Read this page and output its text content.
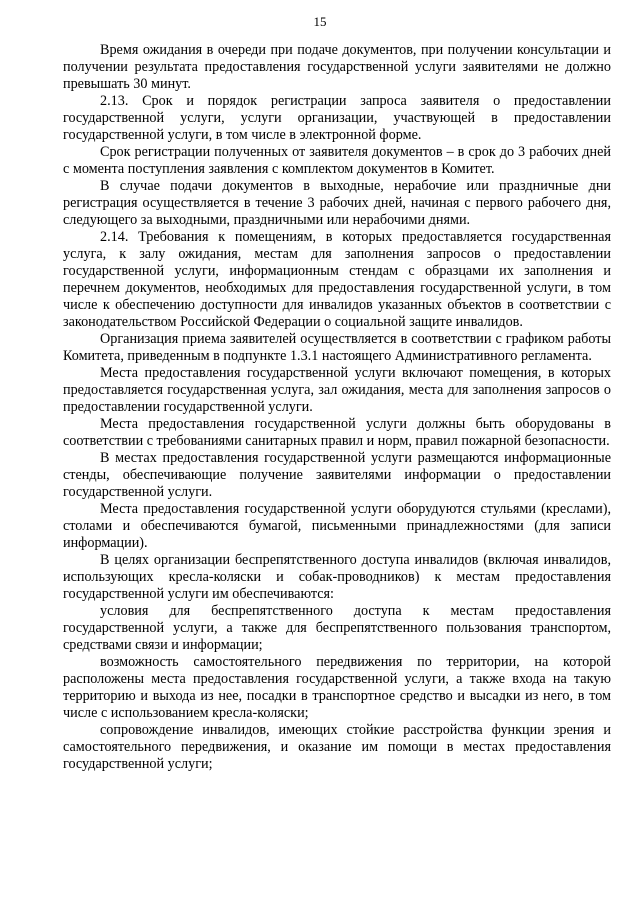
15

Время ожидания в очереди при подаче документов, при получении консультации и получении результата предоставления государственной услуги заявителями не должно превышать 30 минут.

2.13. Срок и порядок регистрации запроса заявителя о предоставлении государственной услуги, услуги организации, участвующей в предоставлении государственной услуги, в том числе в электронной форме.

Срок регистрации полученных от заявителя документов – в срок до 3 рабочих дней с момента поступления заявления с комплектом документов в Комитет.

В случае подачи документов в выходные, нерабочие или праздничные дни регистрация осуществляется в течение 3 рабочих дней, начиная с первого рабочего дня, следующего за выходными, праздничными или нерабочими днями.

2.14. Требования к помещениям, в которых предоставляется государственная услуга, к залу ожидания, местам для заполнения запросов о предоставлении государственной услуги, информационным стендам с образцами их заполнения и перечнем документов, необходимых для предоставления государственной услуги, в том числе к обеспечению доступности для инвалидов указанных объектов в соответствии с законодательством Российской Федерации о социальной защите инвалидов.

Организация приема заявителей осуществляется в соответствии с графиком работы Комитета, приведенным в подпункте 1.3.1 настоящего Административного регламента.

Места предоставления государственной услуги включают помещения, в которых предоставляется государственная услуга, зал ожидания, места для заполнения запросов о предоставлении государственной услуги.

Места предоставления государственной услуги должны быть оборудованы в соответствии с требованиями санитарных правил и норм, правил пожарной безопасности.

В местах предоставления государственной услуги размещаются информационные стенды, обеспечивающие получение заявителями информации о предоставлении государственной услуги.

Места предоставления государственной услуги оборудуются стульями (креслами), столами и обеспечиваются бумагой, письменными принадлежностями (для записи информации).

В целях организации беспрепятственного доступа инвалидов (включая инвалидов, использующих кресла-коляски и собак-проводников) к местам предоставления государственной услуги им обеспечиваются:

условия для беспрепятственного доступа к местам предоставления государственной услуги, а также для беспрепятственного пользования транспортом, средствами связи и информации;

возможность самостоятельного передвижения по территории, на которой расположены места предоставления государственной услуги, а также входа на такую территорию и выхода из нее, посадки в транспортное средство и высадки из него, в том числе с использованием кресла-коляски;

сопровождение инвалидов, имеющих стойкие расстройства функции зрения и самостоятельного передвижения, и оказание им помощи в местах предоставления государственной услуги;
